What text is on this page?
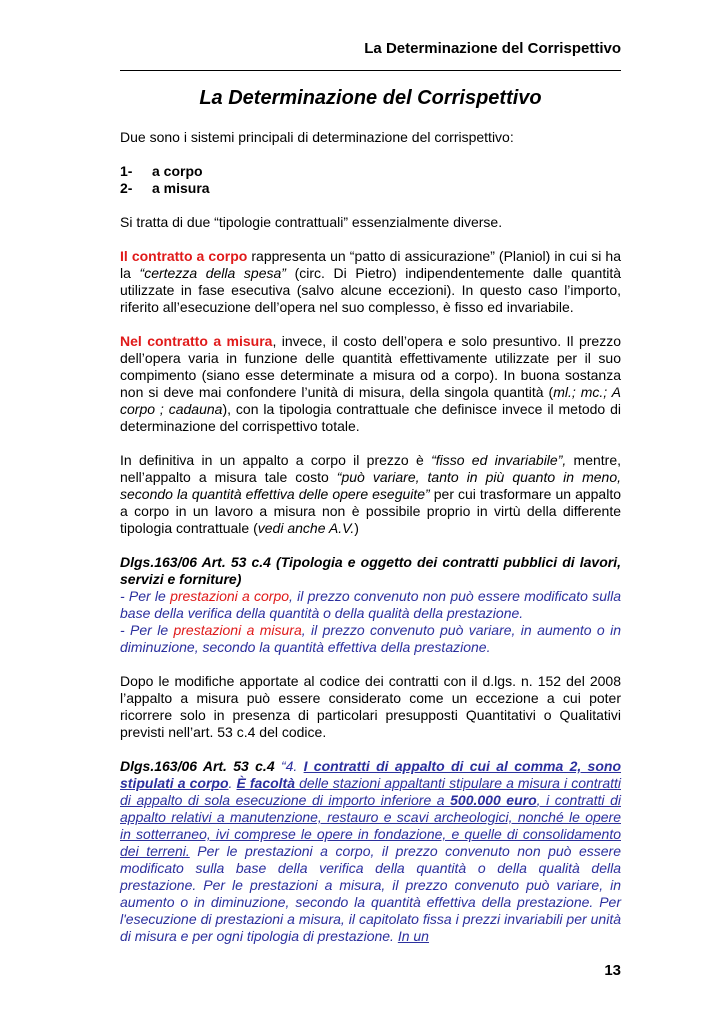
La Determinazione del Corrispettivo
La Determinazione del Corrispettivo

Due sono i sistemi principali di determinazione del corrispettivo:

1- a corpo
2- a misura

Si tratta di due “tipologie contrattuali” essenzialmente diverse.

Il contratto a corpo rappresenta un “patto di assicurazione” (Planiol) in cui si ha la “certezza della spesa” (circ. Di Pietro) indipendentemente dalle quantità utilizzate in fase esecutiva (salvo alcune eccezioni). In questo caso l’importo, riferito all’esecuzione dell’opera nel suo complesso, è fisso ed invariabile.

Nel contratto a misura, invece, il costo dell’opera e solo presuntivo. Il prezzo dell’opera varia in funzione delle quantità effettivamente utilizzate per il suo compimento (siano esse determinate a misura od a corpo). In buona sostanza non si deve mai confondere l’unità di misura, della singola quantità (ml.; mc.; A corpo ; cadauna), con la tipologia contrattuale che definisce invece il metodo di determinazione del corrispettivo totale.

In definitiva in un appalto a corpo il prezzo è “fisso ed invariabile”, mentre, nell’appalto a misura tale costo “può variare, tanto in più quanto in meno, secondo la quantità effettiva delle opere eseguite” per cui trasformare un appalto a corpo in un lavoro a misura non è possibile proprio in virtù della differente tipologia contrattuale (vedi anche A.V.)

Dlgs.163/06 Art. 53 c.4 (Tipologia e oggetto dei contratti pubblici di lavori, servizi e forniture)

- Per le prestazioni a corpo, il prezzo convenuto non può essere modificato sulla base della verifica della quantità o della qualità della prestazione.

- Per le prestazioni a misura, il prezzo convenuto può variare, in aumento o in diminuzione, secondo la quantità effettiva della prestazione.

Dopo le modifiche apportate al codice dei contratti con il d.lgs. n. 152 del 2008 l’appalto a misura può essere considerato come un eccezione a cui poter ricorrere solo in presenza di particolari presupposti Quantitativi o Qualitativi previsti nell’art. 53 c.4 del codice.

Dlgs.163/06 Art. 53 c.4 “4. I contratti di appalto di cui al comma 2, sono stipulati a corpo. È facoltà delle stazioni appaltanti stipulare a misura i contratti di appalto di sola esecuzione di importo inferiore a 500.000 euro, i contratti di appalto relativi a manutenzione, restauro e scavi archeologici, nonché le opere in sotterraneo, ivi comprese le opere in fondazione, e quelle di consolidamento dei terreni. Per le prestazioni a corpo, il prezzo convenuto non può essere modificato sulla base della verifica della quantità o della qualità della prestazione. Per le prestazioni a misura, il prezzo convenuto può variare, in aumento o in diminuzione, secondo la quantità effettiva della prestazione. Per l'esecuzione di prestazioni a misura, il capitolato fissa i prezzi invariabili per unità di misura e per ogni tipologia di prestazione. In un

13
